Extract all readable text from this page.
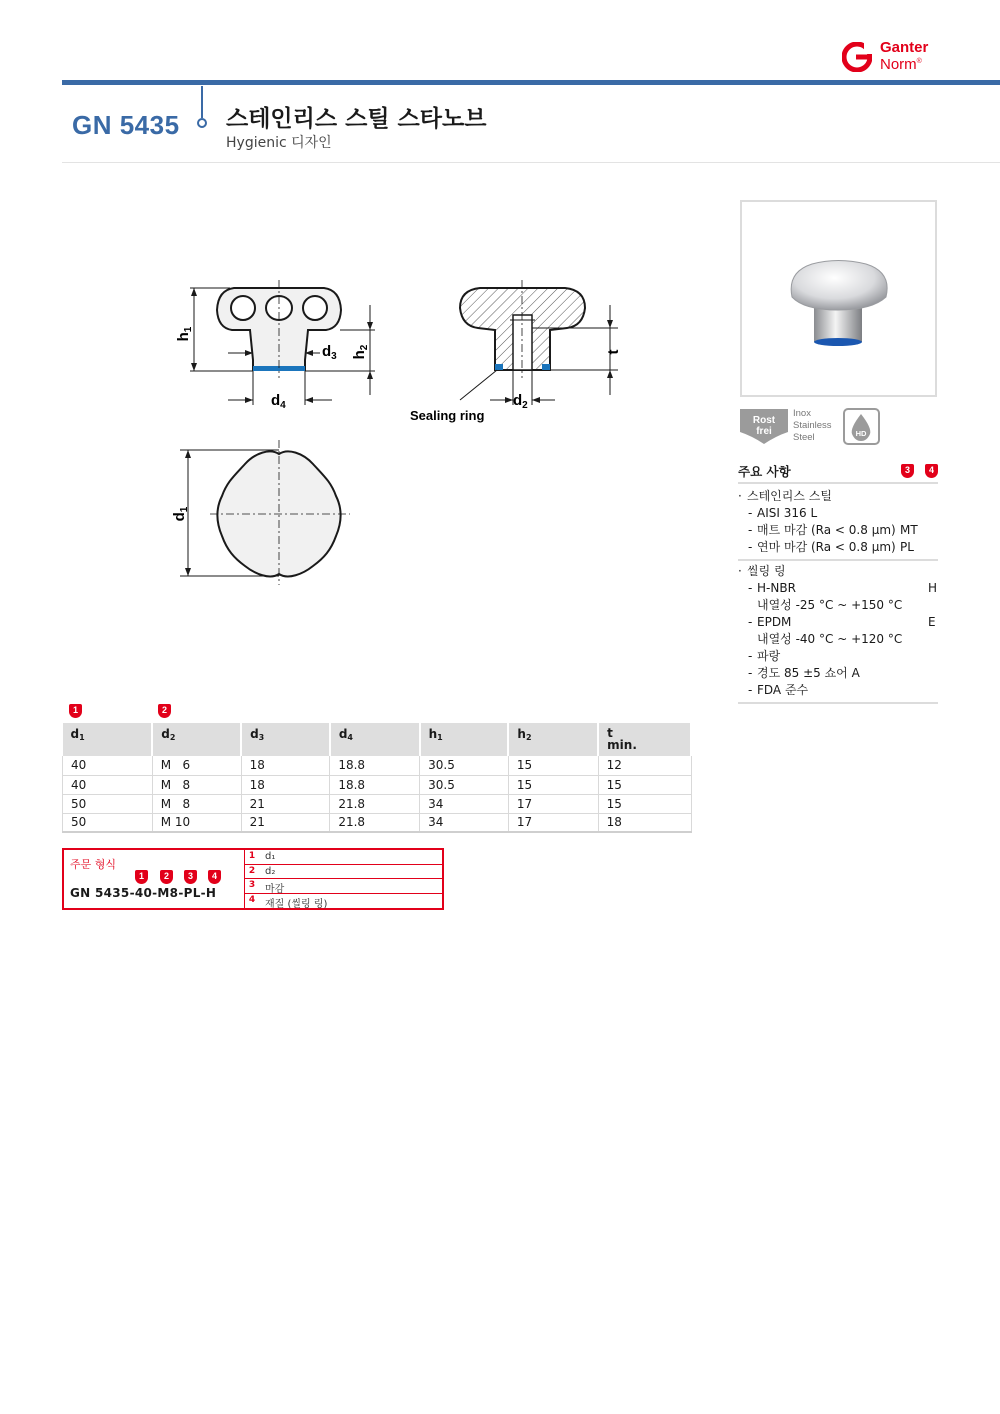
Ganter
Norm®
GN 5435 스테인리스 스틸 스타노브
Hygienic 디자인
$h_1$
$h_2$
$d_3$
$d_4$
t
Sealing ring
$d_2$
$d_1$
Rost
frei
Inox
Stainless
Steel	HD
주요 사항	3	4
· 스테인리스 스틸
- AISI 316 L
- 매트 마감 (Ra < 0.8 µm) MT
- 연마 마감 (Ra < 0.8 µm) PL
· 씰링 링
- H-NBR	H
내열성 -25 °C ~ +150 °C
- EPDM	E
내열성 -40 °C ~ +120 °C
- 파랑
- 경도 85 ±5 쇼어 A
- FDA 준수
1	2
d1	d2	d3	d4	h1	h2	t
min.
40	M   6	18	18.8	30.5	15	12
40	M   8	18	18.8	30.5	15	15
50	M   8	21	21.8	34	17	15
50	M 10	21	21.8	34	17	18
주문 형식
1	2	3	4
GN 5435-40-M8-PL-H
1 d₁
2 d₂
3 마감
4 재질 (씰링 링)
